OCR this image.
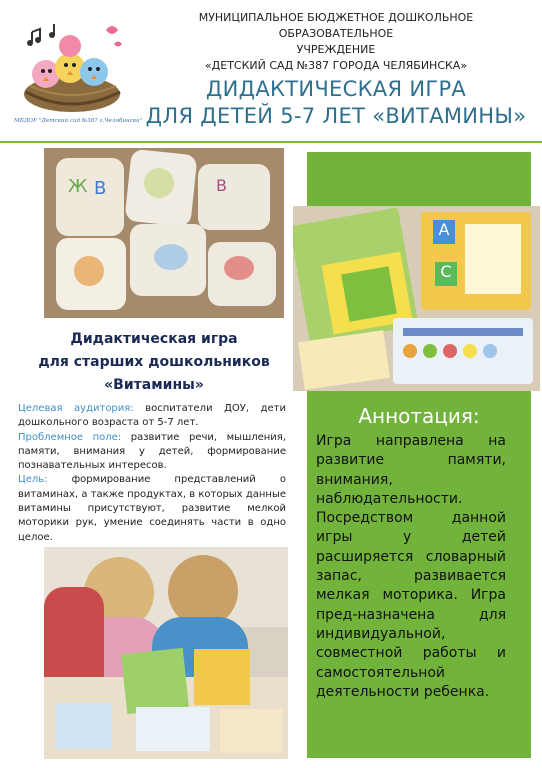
МБДОУ "Детский сад №387 г.Челябинска"
МУНИЦИПАЛЬНОЕ БЮДЖЕТНОЕ ДОШКОЛЬНОЕ ОБРАЗОВАТЕЛЬНОЕ
УЧРЕЖДЕНИЕ
«ДЕТСКИЙ САД №387 ГОРОДА ЧЕЛЯБИНСКА»
ДИДАКТИЧЕСКАЯ ИГРА
ДЛЯ ДЕТЕЙ 5-7 ЛЕТ «ВИТАМИНЫ»
Ж В	В
A
C
Дидактическая игра
для старших дошкольников
«Витамины»
Целевая аудитория: воспитатели ДОУ, дети дошкольного возраста от 5-7 лет.
Проблемное поле: развитие речи, мышления, памяти, внимания у детей, формирование познавательных интересов.
Цель: формирование представлений о витаминах, а также продуктах, в которых данные витамины присутствуют, развитие мелкой моторики рук, умение соединять части в одно целое.
Аннотация:
Игра направлена на развитие памяти, внимания, наблюдательности. Посредством данной игры у детей расширяется словарный запас, развивается мелкая моторика. Игра пред-назначена для индивидуальной, совместной работы и самостоятельной деятельности ребенка.
